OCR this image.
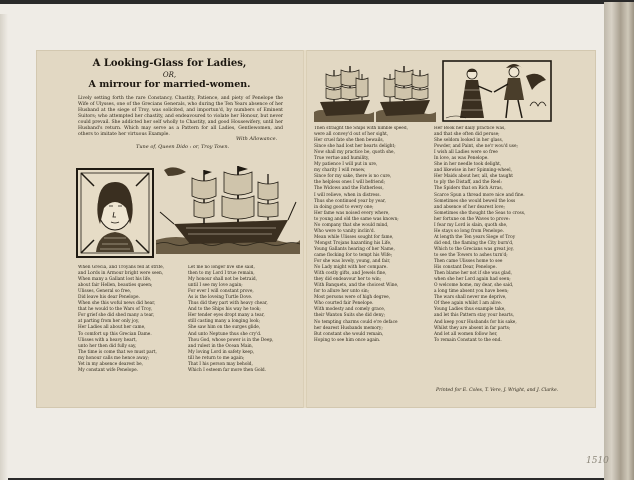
1510
A Looking-Glass for Ladies,
OR,
A mirrour for married-women.
Lively setting forth the rare Constancy, Chastity, Patience, and piety of Penelope the Wife of Ulysses, one of the Grecians Generals, who during the Ten Years absence of her Husband at the siege of Troy, was solicited, and importun'd, by numbers of Eminent Suitors; who attempted her chastity, and endeavoured to violate her Honour, but never could prevail. She addicted her self wholly to Chastity, and good Housewifery, until her Husband's return. Which may serve as a Pattern for all Ladies, Gentlewomen, and others to imitate her virtuous Example.
With Allowance.
Tune of, Queen Dido : or, Troy Town.
When Grecia, and Troyans fell at strife,
and Lords in Armour bright were seen,
When many a Gallant lost his life,
about fair Hellen, beauties queen;
Ulisses, General so free,
Did leave his dear Penelope.
When she this woful news did hear,
that he would to the Wars of Troy,
For grief she did shed many a tear,
at parting from her only joy,
Her Ladies all about her came,
To comfort up this Grecian Dame.
Ulisses with a heavy heart,
unto her then did fully say,
The time is come that we must part,
my honour calls me hence away;
Yet in my absence dearest be,
My constant wife Penelope.
Let me no longer live she said,
then to my Lord I true remain,
My honour shall not be betraid,
until I see my love again;
For ever I will constant prove,
As is the loveing Turtle Dove.
Thus did they part with heavy chear,
And to the Ships his way he took;
Her tender eyes dropt many a tear,
still casting many a longing look;
She saw him on the surges glide,
And unto Neptune thus she cry'd.
Thou God, whose power is in the Deep,
and rulest in the Ocean Main,
My loving Lord in safety keep,
till he return to me again;
That I his person may behold,
Which I esteem far more then Gold.
Then straight the Ships with nimble speed,
were all convey'd out of her sight,
Her cruel fate she then bewails,
Since she had lost her hearts delight;
Now shall my practice be, quoth she,
True vertue and humility,
My patience I will put in ure,
my charity I will renew,
Since for my sake, there is no cure,
the helpless ones I will befriend;
The Widows and the Fatherless,
I will relieve, when in distress.
Thus she continued year by year,
in doing good to every one;
Her fame was noised every where,
to young and old the same was known;
No company that she would mind,
Who were to vanity inclin'd.
Mean while Ulisses sought for fame,
'Mongst Trojans hazarding his Life,
Young Gallants hearing of her Name,
came flocking for to tempt his Wife;
For she was lovely, young, and fair,
No Lady might with her compare.
With costly gifts, and Jewels fine,
they did endeavour her to win;
With Banquets, and the choicest Wine,
for to allure her unto sin;
Most persons were of high degree,
Who courted fair Penelope.
With modesty and comely grace,
their Wanton Suits she did deny;
No tempting charms could e're deface
her dearest Husbands memory;
But constant she would remain,
Hoping to see him once again.
Her Book her daily practice was,
and that she often did peruse;
She seldom looked in her glass,
Powder, and Paint, she ne'r wou'd use;
I wish all Ladies were so free
In love, as was Penelope.
She in her needle took delight,
and likewise in her Spinning-wheel,
Her Maids about her, all, she taught
to ply the Distaff, and the Reel:
The Spiders that on Rich Arras,
Scarce Spun a thread more nice and fine.
Sometimes she would beweil the loss
and absence of her dearest love;
Sometimes she thought the Seas to cross,
her fortune on the Waves to prove:
I fear my Lord is slain, quoth she,
He stays so long from Penelope.
At length the Ten years Siege of Troy
did end, the flaming the City burn'd,
Which to the Grecians was great joy,
to see the Towers to ashes turn'd;
Then came Ulisses home to see
His constant Dear, Penelope.
Then blame her not if she was glad,
when she her Lord again had seen;
O welcome home, my dear, she said,
a long time absent you have been;
The wars shall never me deprive,
Of thee again whilst I am alive.
Young Ladies thus example take,
and let this Pattern stay your hearts,
And keep your Husbands for his sake,
Whilst they are absent in far parts;
And let all women follow her,
To remain Constant to the end.
Printed for E. Coles, T. Vere, J. Wright, and J. Clarke.
